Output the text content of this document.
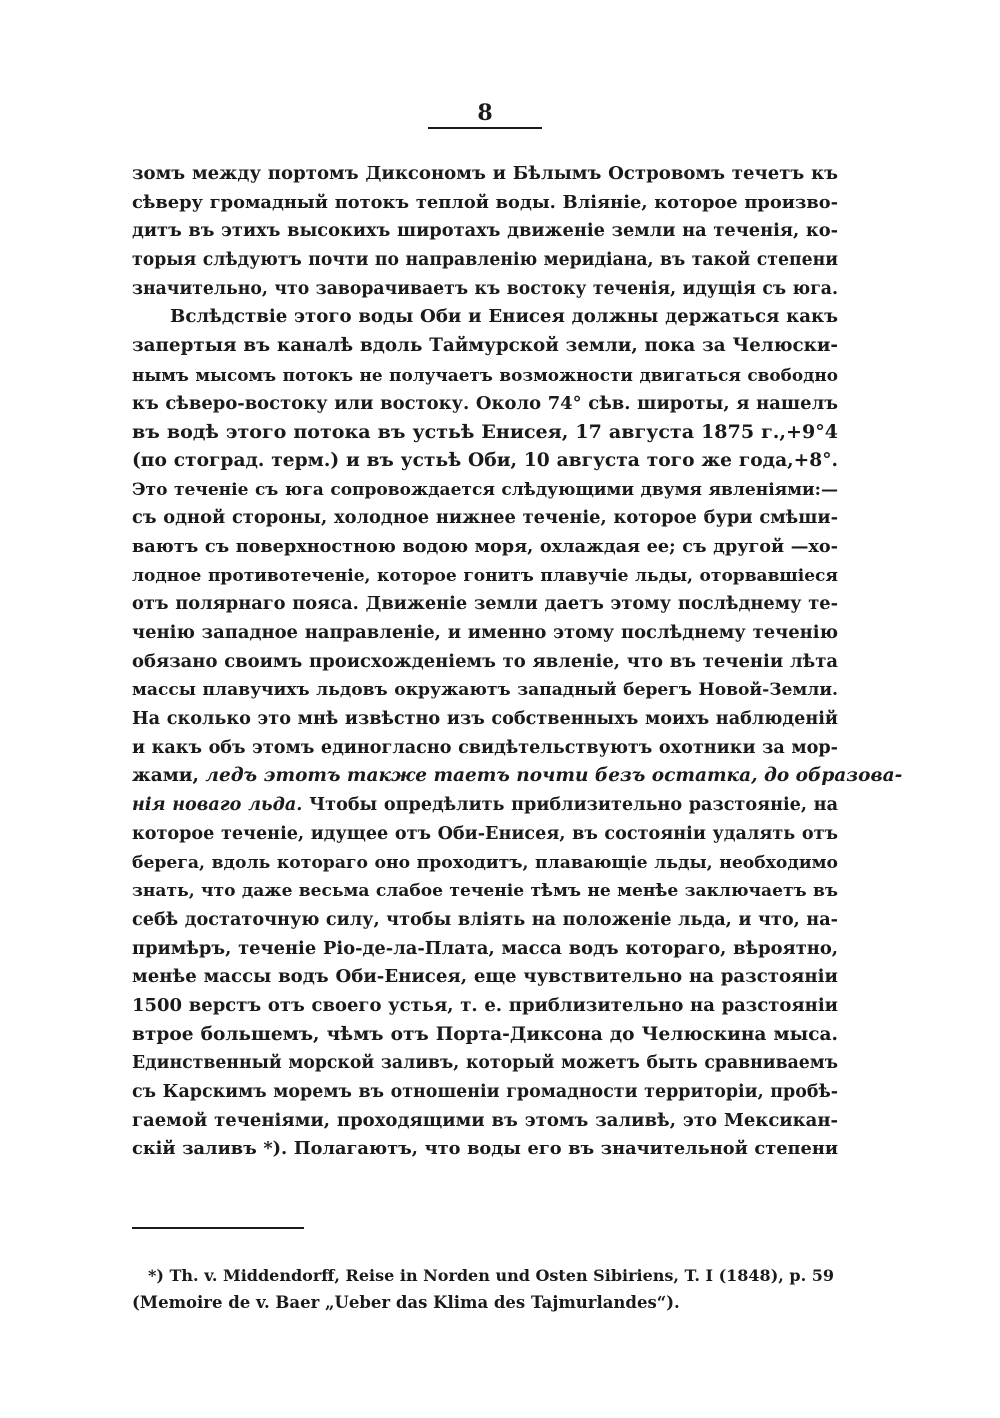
8
зомъ между портомъ Диксономъ и Бѣлымъ Островомъ течетъ къ
сѣверу громадный потокъ теплой воды. Вліяніе, которое произво-
дитъ въ этихъ высокихъ широтахъ движеніе земли на теченія, ко-
торыя слѣдуютъ почти по направленію меридіана, въ такой степени
значительно, что заворачиваетъ къ востоку теченія, идущія съ юга.
Вслѣдствіе этого воды Оби и Енисея должны держаться какъ
запертыя въ каналѣ вдоль Таймурской земли, пока за Челюски-
нымъ мысомъ потокъ не получаетъ возможности двигаться свободно
къ сѣверо-востоку или востоку. Около 74° сѣв. широты, я нашелъ
въ водѣ этого потока въ устьѣ Енисея, 17 августа 1875 г.,+9°4
(по стоград. терм.) и въ устьѣ Оби, 10 августа того же года,+8°.
Это теченіе съ юга сопровождается слѣдующими двумя явленіями:—
съ одной стороны, холодное нижнее теченіе, которое бури смѣши-
ваютъ съ поверхностною водою моря, охлаждая ее; съ другой —хо-
лодное противотеченіе, которое гонитъ плавучіе льды, оторвавшіеся
отъ полярнаго пояса. Движеніе земли даетъ этому послѣднему те-
ченію западное направленіе, и именно этому послѣднему теченію
обязано своимъ происхожденіемъ то явленіе, что въ теченіи лѣта
массы плавучихъ льдовъ окружаютъ западный берегъ Новой-Земли.
На сколько это мнѣ извѣстно изъ собственныхъ моихъ наблюденій
и какъ объ этомъ единогласно свидѣтельствуютъ охотники за мор-
жами, ледъ этотъ также таетъ почти безъ остатка, до образова-
нія новаго льда. Чтобы опредѣлить приблизительно разстояніе, на
которое теченіе, идущее отъ Оби-Енисея, въ состояніи удалять отъ
берега, вдоль котораго оно проходитъ, плавающіе льды, необходимо
знать, что даже весьма слабое теченіе тѣмъ не менѣе заключаетъ въ
себѣ достаточную силу, чтобы вліять на положеніе льда, и что, на-
примѣръ, теченіе Ріо-де-ла-Плата, масса водъ котораго, вѣроятно,
менѣе массы водъ Оби-Енисея, еще чувствительно на разстояніи
1500 верстъ отъ своего устья, т. е. приблизительно на разстояніи
втрое большемъ, чѣмъ отъ Порта-Диксона до Челюскина мыса.
Единственный морской заливъ, который можетъ быть сравниваемъ
съ Карскимъ моремъ въ отношеніи громадности территоріи, пробѣ-
гаемой теченіями, проходящими въ этомъ заливѣ, это Мексикан-
скій заливъ *). Полагаютъ, что воды его въ значительной степени
*) Th. v. Middendorff, Reise in Norden und Osten Sibiriens, T. I (1848), p. 59
(Memoire de v. Baer „Ueber das Klima des Tajmurlandes“).
